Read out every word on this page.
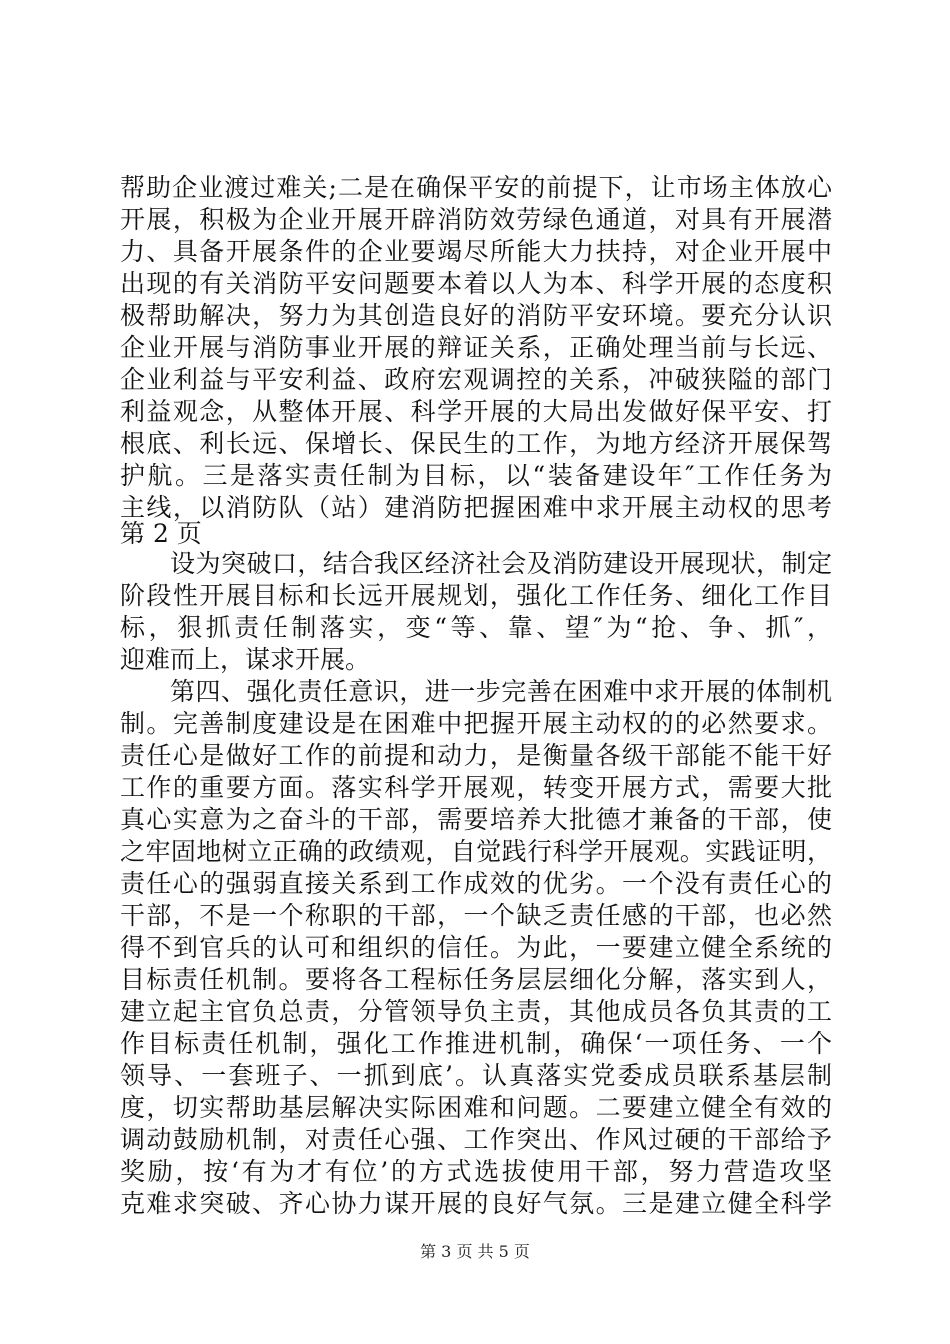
帮助企业渡过难关;二是在确保平安的前提下，让市场主体放心
开展，积极为企业开展开辟消防效劳绿色通道，对具有开展潜
力、具备开展条件的企业要竭尽所能大力扶持，对企业开展中
出现的有关消防平安问题要本着以人为本、科学开展的态度积
极帮助解决，努力为其创造良好的消防平安环境。要充分认识
企业开展与消防事业开展的辩证关系，正确处理当前与长远、
企业利益与平安利益、政府宏观调控的关系，冲破狭隘的部门
利益观念，从整体开展、科学开展的大局出发做好保平安、打
根底、利长远、保增长、保民生的工作，为地方经济开展保驾
护航。三是落实责任制为目标，以“装备建设年″工作任务为
主线，以消防队（站）建消防把握困难中求开展主动权的思考
第 2 页
设为突破口，结合我区经济社会及消防建设开展现状，制定
阶段性开展目标和长远开展规划，强化工作任务、细化工作目
标，狠抓责任制落实，变“等、靠、望″为“抢、争、抓″，
迎难而上，谋求开展。
第四、强化责任意识，进一步完善在困难中求开展的体制机
制。完善制度建设是在困难中把握开展主动权的的必然要求。
责任心是做好工作的前提和动力，是衡量各级干部能不能干好
工作的重要方面。落实科学开展观，转变开展方式，需要大批
真心实意为之奋斗的干部，需要培养大批德才兼备的干部，使
之牢固地树立正确的政绩观，自觉践行科学开展观。实践证明，
责任心的强弱直接关系到工作成效的优劣。一个没有责任心的
干部，不是一个称职的干部，一个缺乏责任感的干部，也必然
得不到官兵的认可和组织的信任。为此，一要建立健全系统的
目标责任机制。要将各工程标任务层层细化分解，落实到人，
建立起主官负总责，分管领导负主责，其他成员各负其责的工
作目标责任机制，强化工作推进机制，确保‘一项任务、一个
领导、一套班子、一抓到底’。认真落实党委成员联系基层制
度，切实帮助基层解决实际困难和问题。二要建立健全有效的
调动鼓励机制，对责任心强、工作突出、作风过硬的干部给予
奖励，按‘有为才有位’的方式选拔使用干部，努力营造攻坚
克难求突破、齐心协力谋开展的良好气氛。三是建立健全科学
第 3 页 共 5 页
